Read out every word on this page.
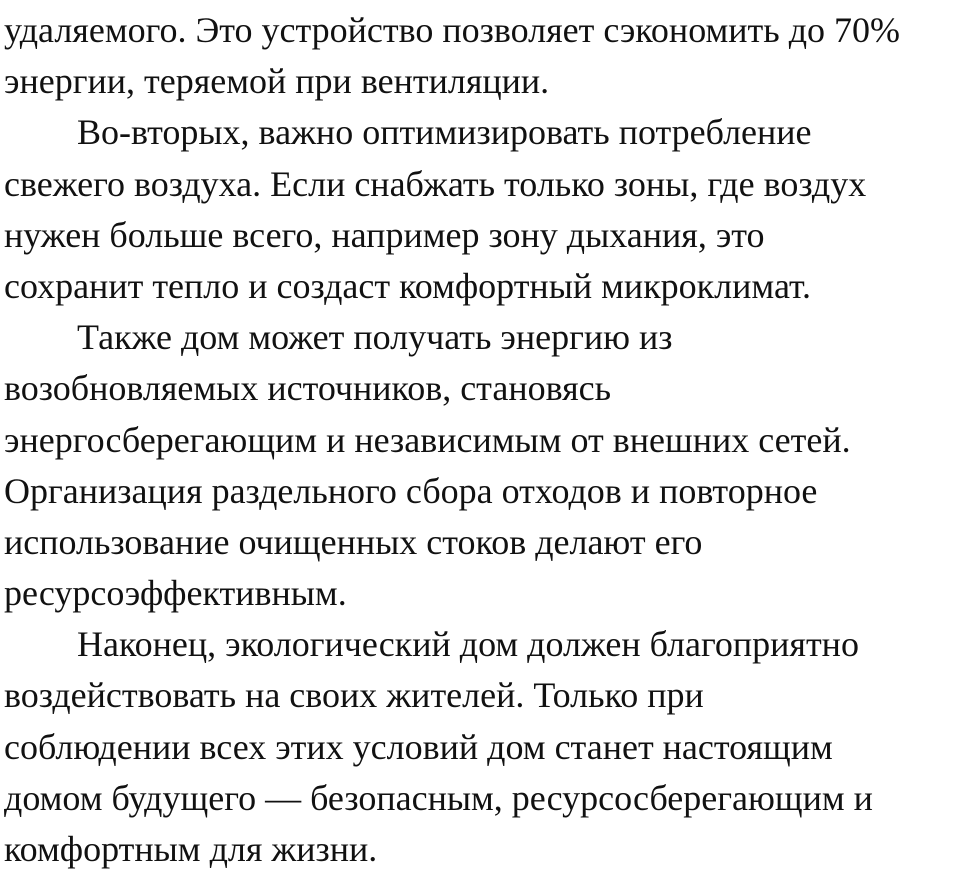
удаляемого. Это устройство позволяет сэкономить до 70%
энергии, теряемой при вентиляции.
Во-вторых, важно оптимизировать потребление
свежего воздуха. Если снабжать только зоны, где воздух
нужен больше всего, например зону дыхания, это
сохранит тепло и создаст комфортный микроклимат.
Также дом может получать энергию из
возобновляемых источников, становясь
энергосберегающим и независимым от внешних сетей.
Организация раздельного сбора отходов и повторное
использование очищенных стоков делают его
ресурсоэффективным.
Наконец, экологический дом должен благоприятно
воздействовать на своих жителей. Только при
соблюдении всех этих условий дом станет настоящим
домом будущего — безопасным, ресурсосберегающим и
комфортным для жизни.
